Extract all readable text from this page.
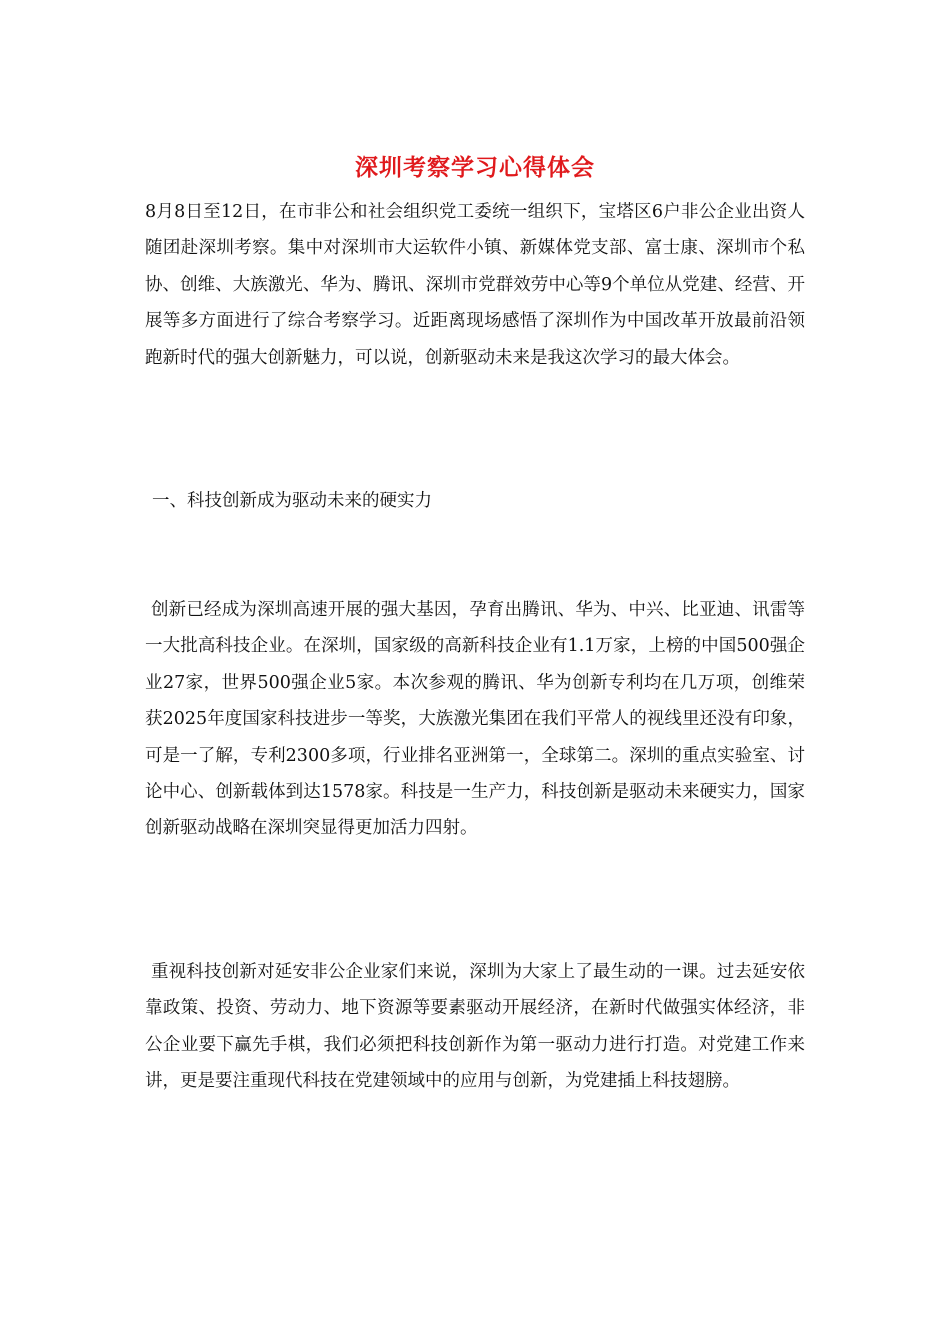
深圳考察学习心得体会

8月8日至12日，在市非公和社会组织党工委统一组织下，宝塔区6户非公企业出资人随团赴深圳考察。集中对深圳市大运软件小镇、新媒体党支部、富士康、深圳市个私协、创维、大族激光、华为、腾讯、深圳市党群效劳中心等9个单位从党建、经营、开展等多方面进行了综合考察学习。近距离现场感悟了深圳作为中国改革开放最前沿领跑新时代的强大创新魅力，可以说，创新驱动未来是我这次学习的最大体会。

一、科技创新成为驱动未来的硬实力

创新已经成为深圳高速开展的强大基因，孕育出腾讯、华为、中兴、比亚迪、讯雷等一大批高科技企业。在深圳，国家级的高新科技企业有1.1万家，上榜的中国500强企业27家，世界500强企业5家。本次参观的腾讯、华为创新专利均在几万项，创维荣获2025年度国家科技进步一等奖，大族激光集团在我们平常人的视线里还没有印象，可是一了解，专利2300多项，行业排名亚洲第一，全球第二。深圳的重点实验室、讨论中心、创新载体到达1578家。科技是一生产力，科技创新是驱动未来硬实力，国家创新驱动战略在深圳突显得更加活力四射。

重视科技创新对延安非公企业家们来说，深圳为大家上了最生动的一课。过去延安依靠政策、投资、劳动力、地下资源等要素驱动开展经济，在新时代做强实体经济，非公企业要下赢先手棋，我们必须把科技创新作为第一驱动力进行打造。对党建工作来讲，更是要注重现代科技在党建领域中的应用与创新，为党建插上科技翅膀。
